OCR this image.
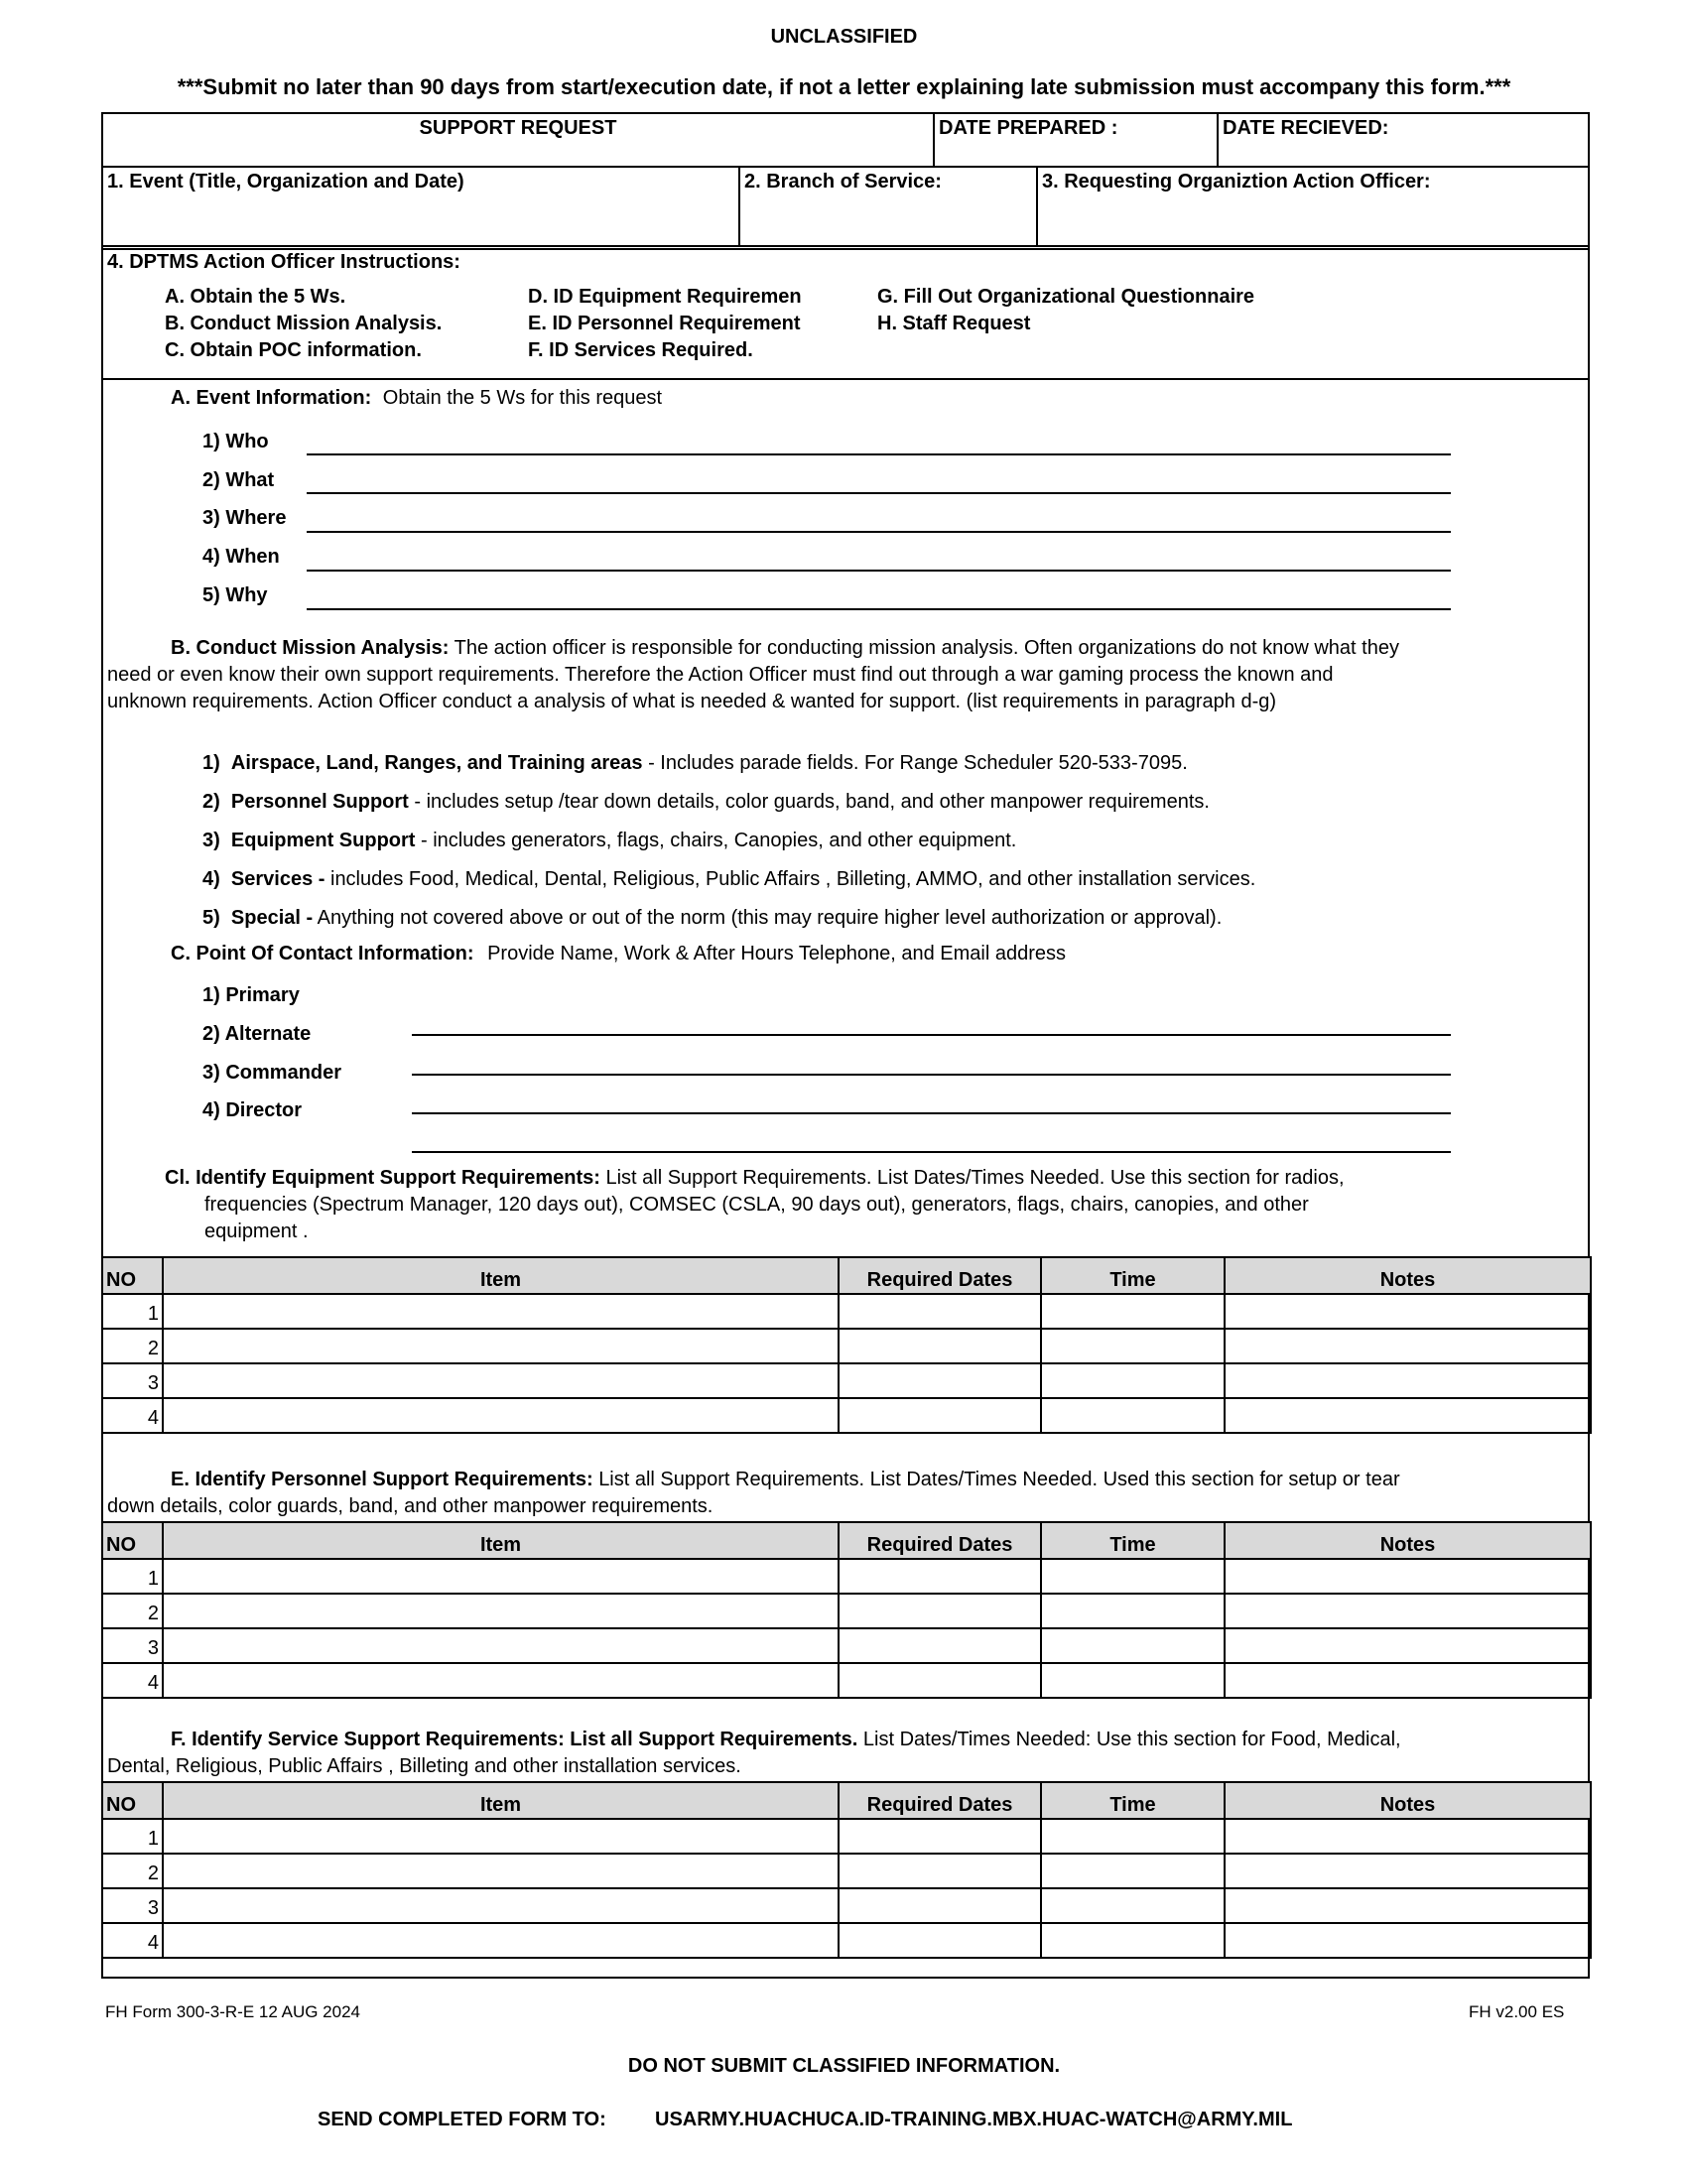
UNCLASSIFIED
***Submit no later than 90 days from start/execution date, if not a letter explaining late submission must accompany this form.***
SUPPORT REQUEST	DATE PREPARED :	DATE RECIEVED:
1. Event (Title, Organization and Date)	2. Branch of Service:	3. Requesting Organiztion Action Officer:
4. DPTMS Action Officer Instructions:
A. Obtain the 5 Ws.
B. Conduct Mission Analysis.
C. Obtain POC information.
D. ID Equipment Requiremen
E. ID Personnel Requirement
F. ID Services Required.
G. Fill Out Organizational Questionnaire
H. Staff Request
A. Event Information: Obtain the 5 Ws for this request
1) Who
2) What
3) Where
4) When
5) Why
B. Conduct Mission Analysis: The action officer is responsible for conducting mission analysis. Often organizations do not know what they
need or even know their own support requirements. Therefore the Action Officer must find out through a war gaming process the known and
unknown requirements. Action Officer conduct a analysis of what is needed & wanted for support. (list requirements in paragraph d-g)
1) Airspace, Land, Ranges, and Training areas - Includes parade fields. For Range Scheduler 520-533-7095.
2) Personnel Support - includes setup /tear down details, color guards, band, and other manpower requirements.
3) Equipment Support - includes generators, flags, chairs, Canopies, and other equipment.
4) Services - includes Food, Medical, Dental, Religious, Public Affairs , Billeting, AMMO, and other installation services.
5) Special - Anything not covered above or out of the norm (this may require higher level authorization or approval).
C. Point Of Contact Information: Provide Name, Work & After Hours Telephone, and Email address
1) Primary
2) Alternate
3) Commander
4) Director
Cl. Identify Equipment Support Requirements: List all Support Requirements. List Dates/Times Needed. Use this section for radios,
frequencies (Spectrum Manager, 120 days out), COMSEC (CSLA, 90 days out), generators, flags, chairs, canopies, and other
equipment .
NO	Item	Required Dates	Time	Notes
1				
2				
3				
4				
E. Identify Personnel Support Requirements: List all Support Requirements. List Dates/Times Needed. Used this section for setup or tear
down details, color guards, band, and other manpower requirements.
NO	Item	Required Dates	Time	Notes
1				
2				
3				
4				
F. Identify Service Support Requirements: List all Support Requirements. List Dates/Times Needed: Use this section for Food, Medical,
Dental, Religious, Public Affairs , Billeting and other installation services.
NO	Item	Required Dates	Time	Notes
1				
2				
3				
4				
FH Form 300-3-R-E 12 AUG 2024	FH v2.00 ES
DO NOT SUBMIT CLASSIFIED INFORMATION.
SEND COMPLETED FORM TO: USARMY.HUACHUCA.ID-TRAINING.MBX.HUAC-WATCH@ARMY.MIL
